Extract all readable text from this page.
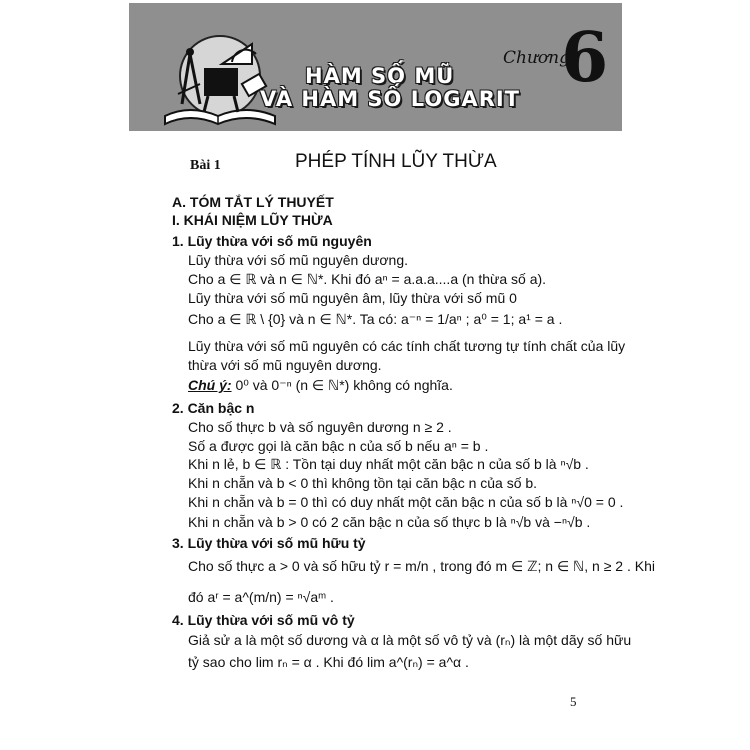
HÀM SỐ MŨ
VÀ HÀM SỐ LOGARIT
Chương
6
Bài 1	PHÉP TÍNH LŨY THỪA
A. TÓM TẮT LÝ THUYẾT
I. KHÁI NIỆM LŨY THỪA
1. Lũy thừa với số mũ nguyên
Lũy thừa với số mũ nguyên dương.
Cho a ∈ ℝ và n ∈ ℕ*. Khi đó aⁿ = a.a.a....a (n thừa số a).
Lũy thừa với số mũ nguyên âm, lũy thừa với số mũ 0
Cho a ∈ ℝ \ {0} và n ∈ ℕ*. Ta có: a⁻ⁿ = 1/aⁿ ; a⁰ = 1; a¹ = a .
Lũy thừa với số mũ nguyên có các tính chất tương tự tính chất của lũy
thừa với số mũ nguyên dương.
Chú ý: 0⁰ và 0⁻ⁿ (n ∈ ℕ*) không có nghĩa.
2. Căn bậc n
Cho số thực b và số nguyên dương n ≥ 2 .
Số a được gọi là căn bậc n của số b nếu aⁿ = b .
Khi n lẻ, b ∈ ℝ : Tồn tại duy nhất một căn bậc n của số b là ⁿ√b .
Khi n chẵn và b < 0 thì không tồn tại căn bậc n của số b.
Khi n chẵn và b = 0 thì có duy nhất một căn bậc n của số b là ⁿ√0 = 0 .
Khi n chẵn và b > 0 có 2 căn bậc n của số thực b là ⁿ√b và −ⁿ√b .
3. Lũy thừa với số mũ hữu tỷ
Cho số thực a > 0 và số hữu tỷ r = m/n , trong đó m ∈ ℤ; n ∈ ℕ, n ≥ 2 . Khi
đó aʳ = a^(m/n) = ⁿ√aᵐ .
4. Lũy thừa với số mũ vô tỷ
Giả sử a là một số dương và α là một số vô tỷ và (rₙ) là một dãy số hữu
tỷ sao cho lim rₙ = α . Khi đó lim a^(rₙ) = a^α .
5
